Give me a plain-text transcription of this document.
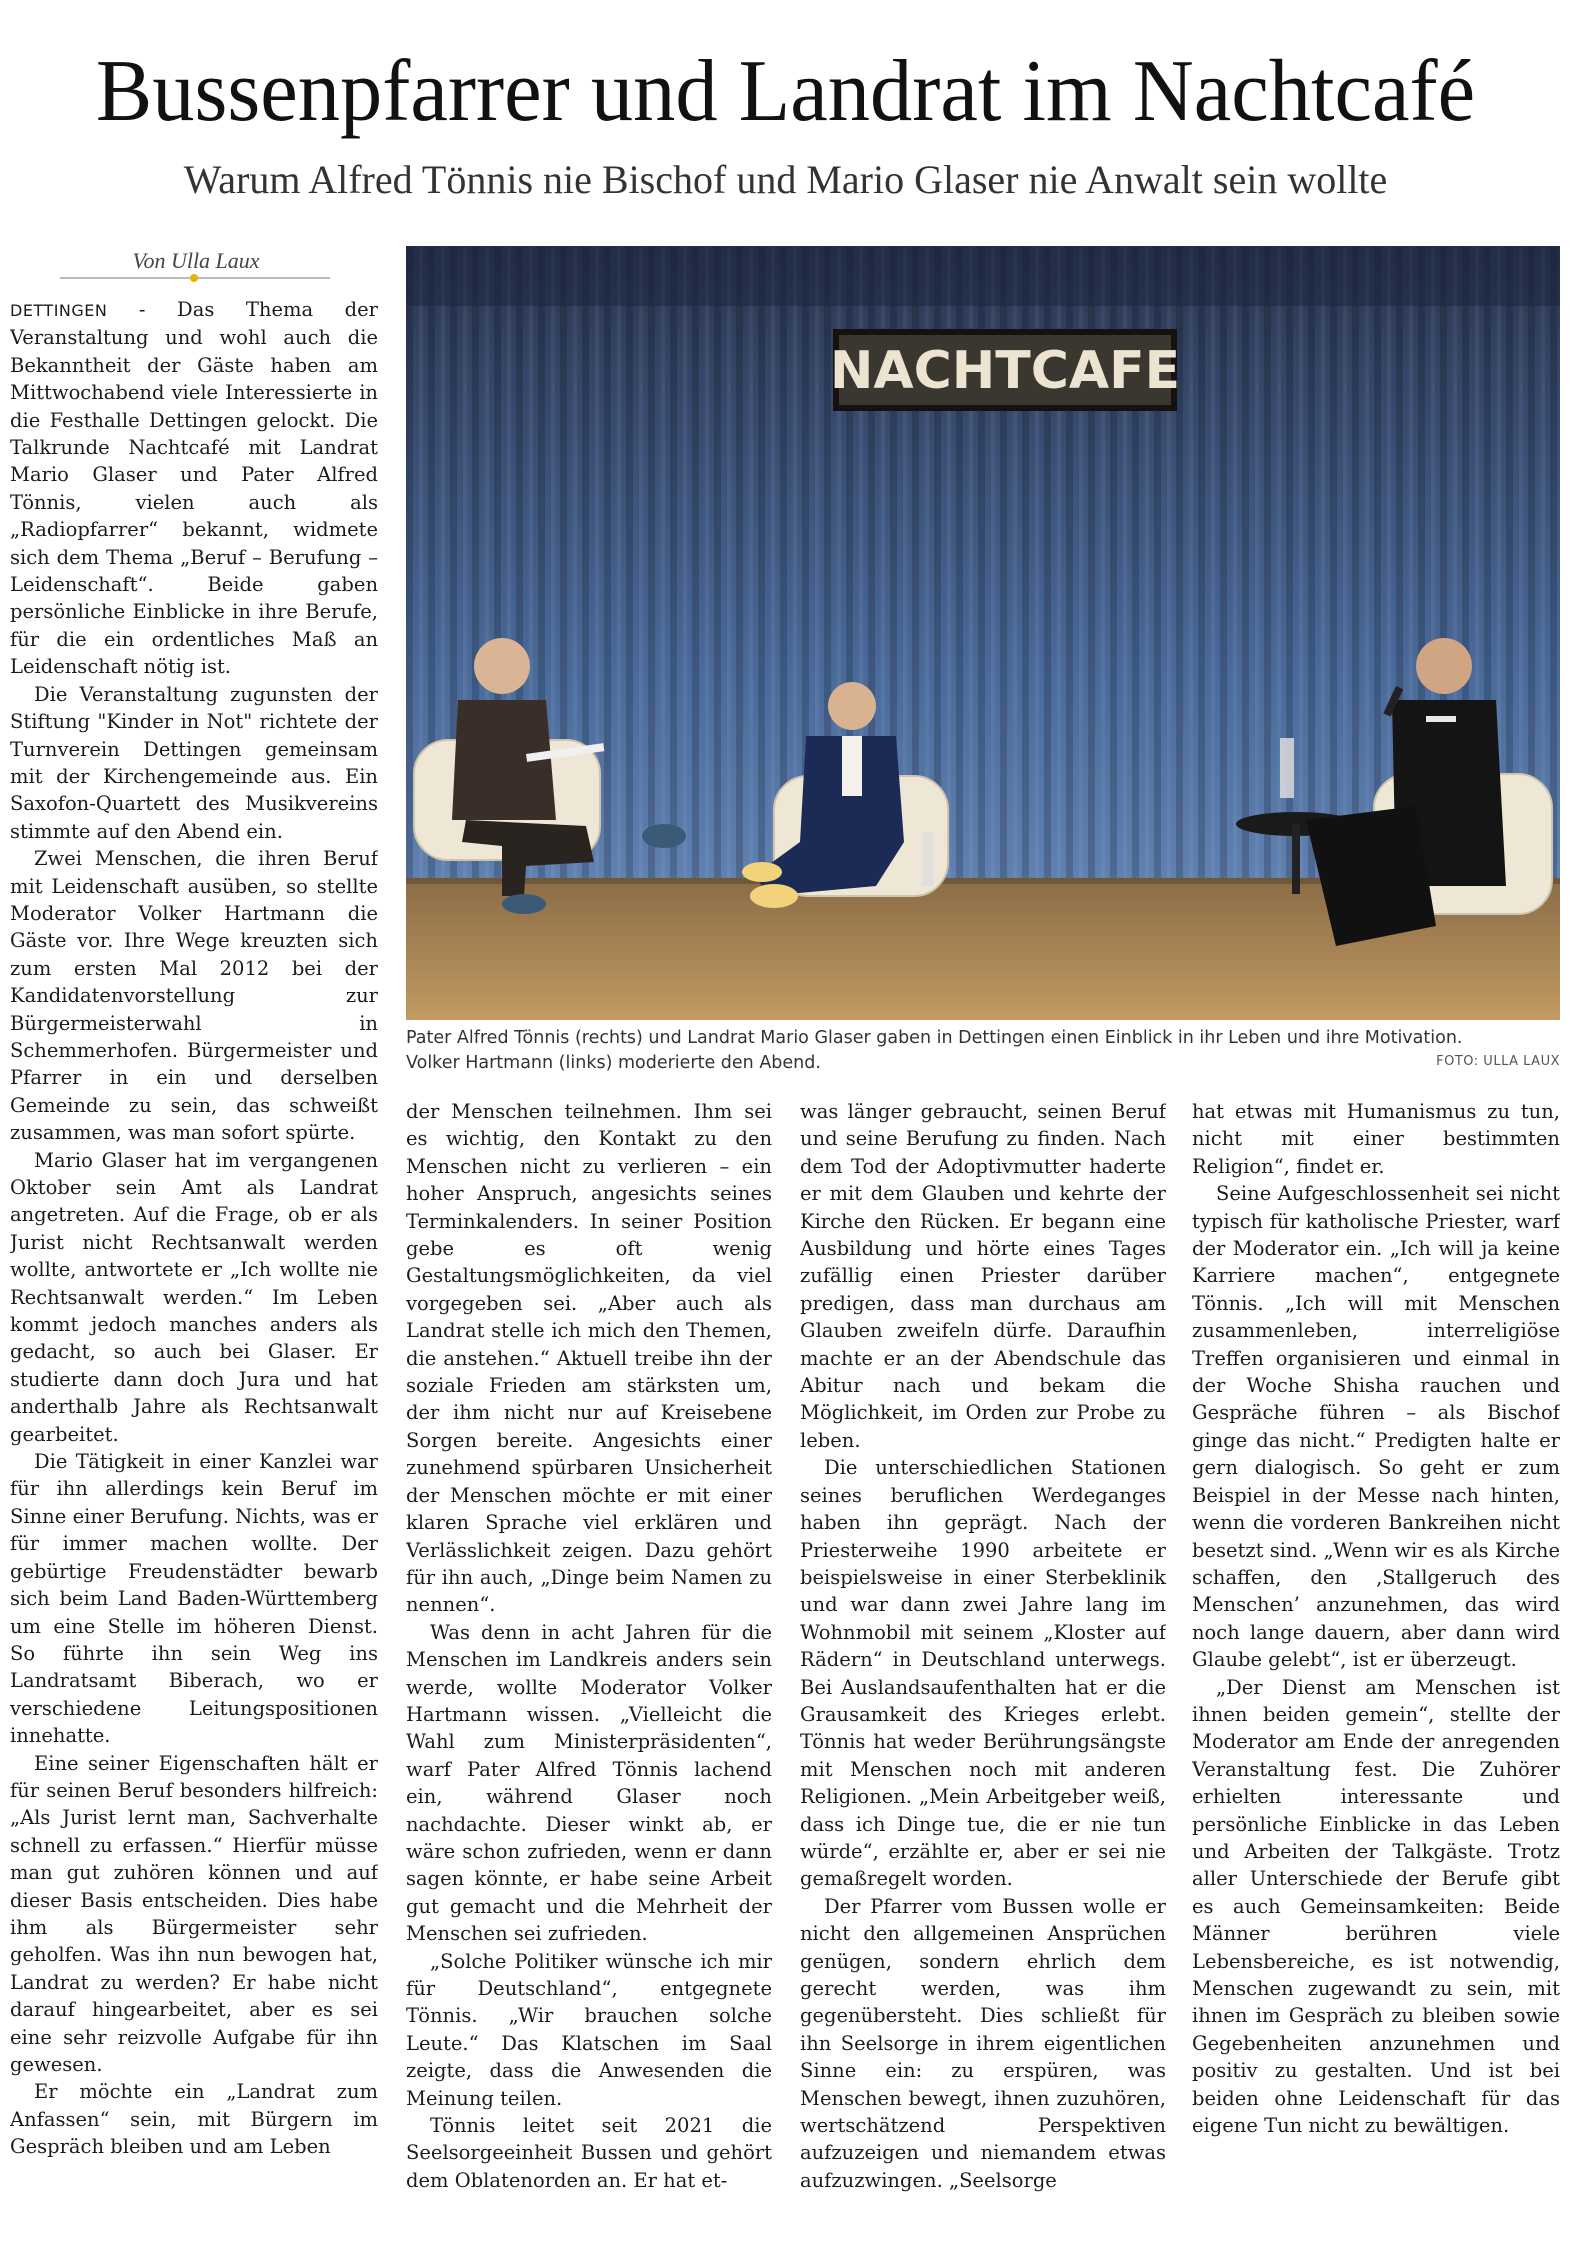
Bussenpfarrer und Landrat im Nachtcafé
Warum Alfred Tönnis nie Bischof und Mario Glaser nie Anwalt sein wollte
Von Ulla Laux

DETTINGEN - Das Thema der Veranstaltung und wohl auch die Bekanntheit der Gäste haben am Mittwochabend viele Interessierte in die Festhalle Dettingen gelockt. Die Talkrunde Nachtcafé mit Landrat Mario Glaser und Pater Alfred Tönnis, vielen auch als „Radiopfarrer“ bekannt, widmete sich dem Thema „Beruf – Berufung – Leidenschaft“. Beide gaben persönliche Einblicke in ihre Berufe, für die ein ordentliches Maß an Leidenschaft nötig ist.

Die Veranstaltung zugunsten der Stiftung "Kinder in Not" richtete der Turnverein Dettingen gemeinsam mit der Kirchengemeinde aus. Ein Saxofon-Quartett des Musikvereins stimmte auf den Abend ein.

Zwei Menschen, die ihren Beruf mit Leidenschaft ausüben, so stellte Moderator Volker Hartmann die Gäste vor. Ihre Wege kreuzten sich zum ersten Mal 2012 bei der Kandidatenvorstellung zur Bürgermeisterwahl in Schemmerhofen. Bürgermeister und Pfarrer in ein und derselben Gemeinde zu sein, das schweißt zusammen, was man sofort spürte.

Mario Glaser hat im vergangenen Oktober sein Amt als Landrat angetreten. Auf die Frage, ob er als Jurist nicht Rechtsanwalt werden wollte, antwortete er „Ich wollte nie Rechtsanwalt werden.“ Im Leben kommt jedoch manches anders als gedacht, so auch bei Glaser. Er studierte dann doch Jura und hat anderthalb Jahre als Rechtsanwalt gearbeitet.

Die Tätigkeit in einer Kanzlei war für ihn allerdings kein Beruf im Sinne einer Berufung. Nichts, was er für immer machen wollte. Der gebürtige Freudenstädter bewarb sich beim Land Baden-Württemberg um eine Stelle im höheren Dienst. So führte ihn sein Weg ins Landratsamt Biberach, wo er verschiedene Leitungspositionen innehatte.

Eine seiner Eigenschaften hält er für seinen Beruf besonders hilfreich: „Als Jurist lernt man, Sachverhalte schnell zu erfassen.“ Hierfür müsse man gut zuhören können und auf dieser Basis entscheiden. Dies habe ihm als Bürgermeister sehr geholfen. Was ihn nun bewogen hat, Landrat zu werden? Er habe nicht darauf hingearbeitet, aber es sei eine sehr reizvolle Aufgabe für ihn gewesen.

Er möchte ein „Landrat zum Anfassen“ sein, mit Bürgern im Gespräch bleiben und am Leben

NACHTCAFE
Pater Alfred Tönnis (rechts) und Landrat Mario Glaser gaben in Dettingen einen Einblick in ihr Leben und ihre Motivation.
Volker Hartmann (links) moderierte den Abend.	FOTO: ULLA LAUX

der Menschen teilnehmen. Ihm sei es wichtig, den Kontakt zu den Menschen nicht zu verlieren – ein hoher Anspruch, angesichts seines Terminkalenders. In seiner Position gebe es oft wenig Gestaltungsmöglichkeiten, da viel vorgegeben sei. „Aber auch als Landrat stelle ich mich den Themen, die anstehen.“ Aktuell treibe ihn der soziale Frieden am stärksten um, der ihm nicht nur auf Kreisebene Sorgen bereite. Angesichts einer zunehmend spürbaren Unsicherheit der Menschen möchte er mit einer klaren Sprache viel erklären und Verlässlichkeit zeigen. Dazu gehört für ihn auch, „Dinge beim Namen zu nennen“.

Was denn in acht Jahren für die Menschen im Landkreis anders sein werde, wollte Moderator Volker Hartmann wissen. „Vielleicht die Wahl zum Ministerpräsidenten“, warf Pater Alfred Tönnis lachend ein, während Glaser noch nachdachte. Dieser winkt ab, er wäre schon zufrieden, wenn er dann sagen könnte, er habe seine Arbeit gut gemacht und die Mehrheit der Menschen sei zufrieden.

„Solche Politiker wünsche ich mir für Deutschland“, entgegnete Tönnis. „Wir brauchen solche Leute.“ Das Klatschen im Saal zeigte, dass die Anwesenden die Meinung teilen.

Tönnis leitet seit 2021 die Seelsorgeeinheit Bussen und gehört dem Oblatenorden an. Er hat et-

was länger gebraucht, seinen Beruf und seine Berufung zu finden. Nach dem Tod der Adoptivmutter haderte er mit dem Glauben und kehrte der Kirche den Rücken. Er begann eine Ausbildung und hörte eines Tages zufällig einen Priester darüber predigen, dass man durchaus am Glauben zweifeln dürfe. Daraufhin machte er an der Abendschule das Abitur nach und bekam die Möglichkeit, im Orden zur Probe zu leben.

Die unterschiedlichen Stationen seines beruflichen Werdeganges haben ihn geprägt. Nach der Priesterweihe 1990 arbeitete er beispielsweise in einer Sterbeklinik und war dann zwei Jahre lang im Wohnmobil mit seinem „Kloster auf Rädern“ in Deutschland unterwegs. Bei Auslandsaufenthalten hat er die Grausamkeit des Krieges erlebt. Tönnis hat weder Berührungsängste mit Menschen noch mit anderen Religionen. „Mein Arbeitgeber weiß, dass ich Dinge tue, die er nie tun würde“, erzählte er, aber er sei nie gemaßregelt worden.

Der Pfarrer vom Bussen wolle er nicht den allgemeinen Ansprüchen genügen, sondern ehrlich dem gerecht werden, was ihm gegenübersteht. Dies schließt für ihn Seelsorge in ihrem eigentlichen Sinne ein: zu erspüren, was Menschen bewegt, ihnen zuzuhören, wertschätzend Perspektiven aufzuzeigen und niemandem etwas aufzuzwingen. „Seelsorge

hat etwas mit Humanismus zu tun, nicht mit einer bestimmten Religion“, findet er.

Seine Aufgeschlossenheit sei nicht typisch für katholische Priester, warf der Moderator ein. „Ich will ja keine Karriere machen“, entgegnete Tönnis. „Ich will mit Menschen zusammenleben, interreligiöse Treffen organisieren und einmal in der Woche Shisha rauchen und Gespräche führen – als Bischof ginge das nicht.“ Predigten halte er gern dialogisch. So geht er zum Beispiel in der Messe nach hinten, wenn die vorderen Bankreihen nicht besetzt sind. „Wenn wir es als Kirche schaffen, den ‚Stallgeruch des Menschen’ anzunehmen, das wird noch lange dauern, aber dann wird Glaube gelebt“, ist er überzeugt.

„Der Dienst am Menschen ist ihnen beiden gemein“, stellte der Moderator am Ende der anregenden Veranstaltung fest. Die Zuhörer erhielten interessante und persönliche Einblicke in das Leben und Arbeiten der Talkgäste. Trotz aller Unterschiede der Berufe gibt es auch Gemeinsamkeiten: Beide Männer berühren viele Lebensbereiche, es ist notwendig, Menschen zugewandt zu sein, mit ihnen im Gespräch zu bleiben sowie Gegebenheiten anzunehmen und positiv zu gestalten. Und ist bei beiden ohne Leidenschaft für das eigene Tun nicht zu bewältigen.
